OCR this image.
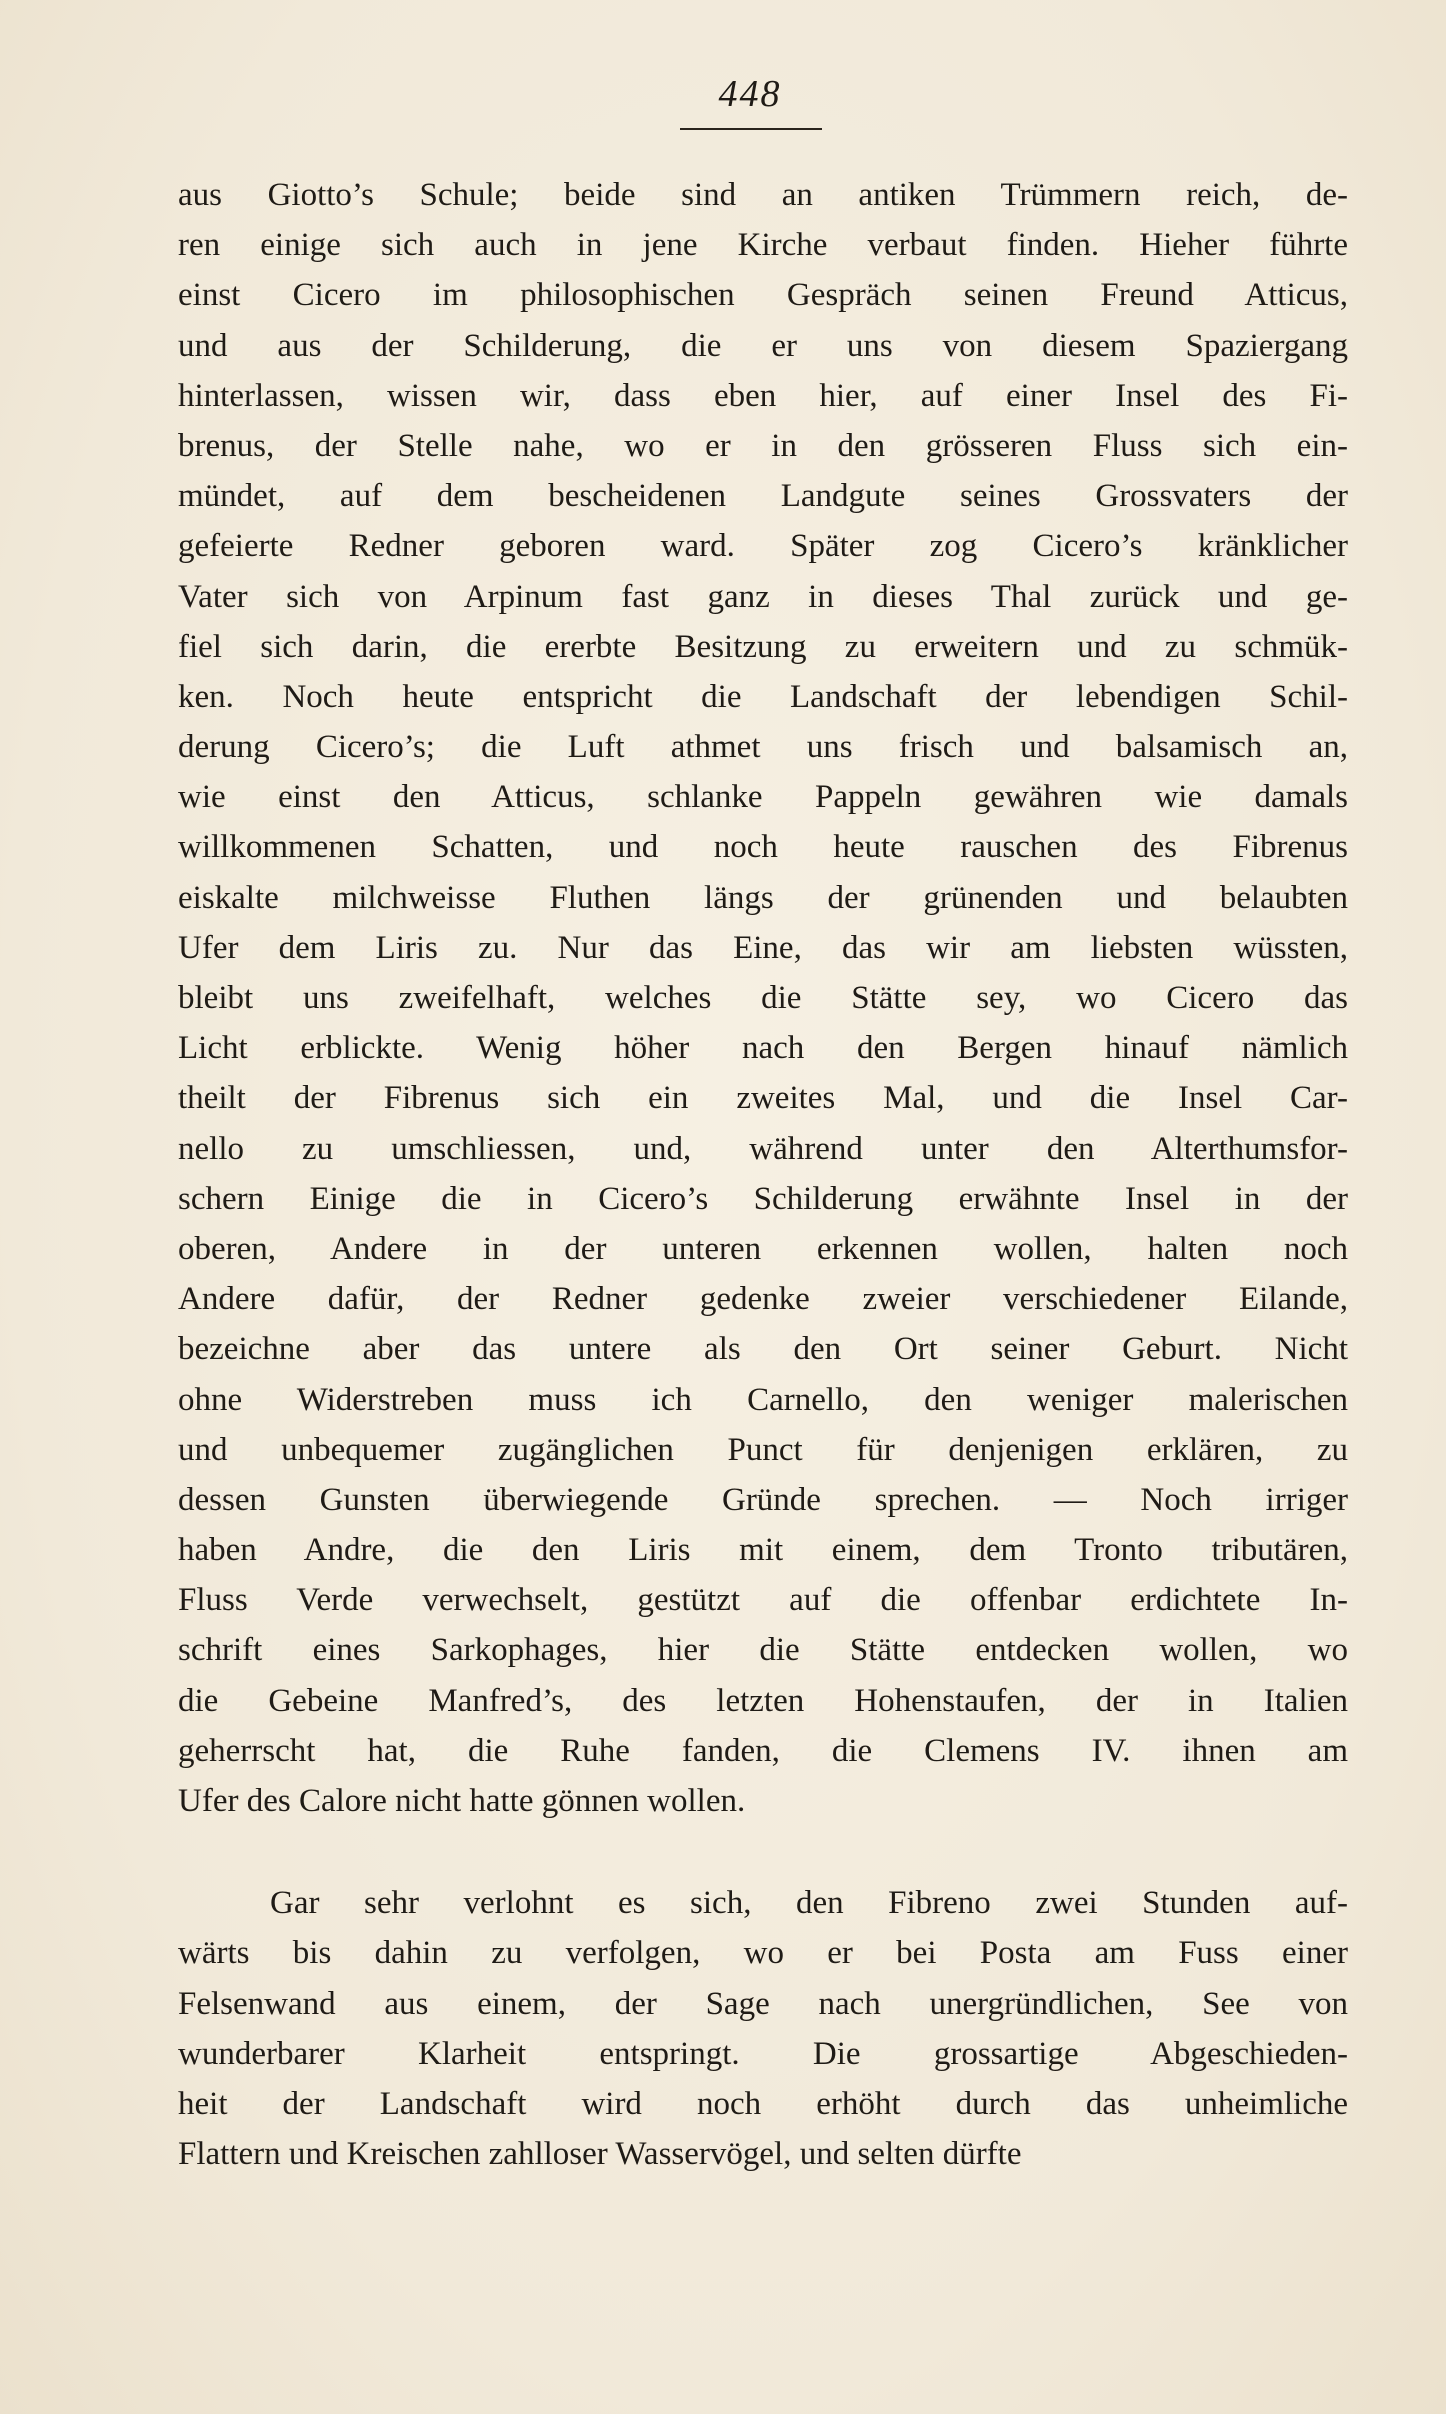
448
aus Giotto’s Schule; beide sind an antiken Trümmern reich, de-
ren einige sich auch in jene Kirche verbaut finden. Hieher führte
einst Cicero im philosophischen Gespräch seinen Freund Atticus,
und aus der Schilderung, die er uns von diesem Spaziergang
hinterlassen, wissen wir, dass eben hier, auf einer Insel des Fi-
brenus, der Stelle nahe, wo er in den grösseren Fluss sich ein-
mündet, auf dem bescheidenen Landgute seines Grossvaters der
gefeierte Redner geboren ward. Später zog Cicero’s kränklicher
Vater sich von Arpinum fast ganz in dieses Thal zurück und ge-
fiel sich darin, die ererbte Besitzung zu erweitern und zu schmük-
ken. Noch heute entspricht die Landschaft der lebendigen Schil-
derung Cicero’s; die Luft athmet uns frisch und balsamisch an,
wie einst den Atticus, schlanke Pappeln gewähren wie damals
willkommenen Schatten, und noch heute rauschen des Fibrenus
eiskalte milchweisse Fluthen längs der grünenden und belaubten
Ufer dem Liris zu. Nur das Eine, das wir am liebsten wüssten,
bleibt uns zweifelhaft, welches die Stätte sey, wo Cicero das
Licht erblickte. Wenig höher nach den Bergen hinauf nämlich
theilt der Fibrenus sich ein zweites Mal, und die Insel Car-
nello zu umschliessen, und, während unter den Alterthumsfor-
schern Einige die in Cicero’s Schilderung erwähnte Insel in der
oberen, Andere in der unteren erkennen wollen, halten noch
Andere dafür, der Redner gedenke zweier verschiedener Eilande,
bezeichne aber das untere als den Ort seiner Geburt. Nicht
ohne Widerstreben muss ich Carnello, den weniger malerischen
und unbequemer zugänglichen Punct für denjenigen erklären, zu
dessen Gunsten überwiegende Gründe sprechen. — Noch irriger
haben Andre, die den Liris mit einem, dem Tronto tributären,
Fluss Verde verwechselt, gestützt auf die offenbar erdichtete In-
schrift eines Sarkophages, hier die Stätte entdecken wollen, wo
die Gebeine Manfred’s, des letzten Hohenstaufen, der in Italien
geherrscht hat, die Ruhe fanden, die Clemens IV. ihnen am
Ufer des Calore nicht hatte gönnen wollen.
Gar sehr verlohnt es sich, den Fibreno zwei Stunden auf-
wärts bis dahin zu verfolgen, wo er bei Posta am Fuss einer
Felsenwand aus einem, der Sage nach unergründlichen, See von
wunderbarer Klarheit entspringt. Die grossartige Abgeschieden-
heit der Landschaft wird noch erhöht durch das unheimliche
Flattern und Kreischen zahlloser Wasservögel, und selten dürfte
